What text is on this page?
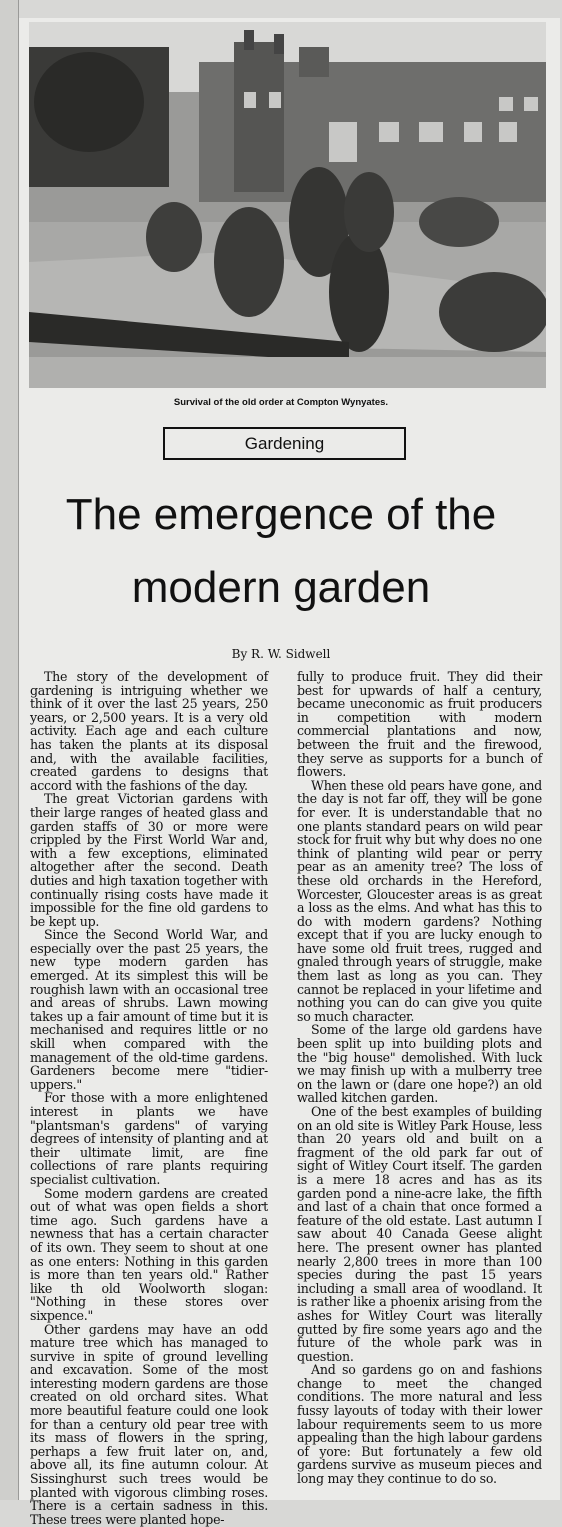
Survival of the old order at Compton Wynyates.
Gardening
The emergence of the
modern garden
By R. W. Sidwell

The story of the development of gardening is intriguing whether we think of it over the last 25 years, 250 years, or 2,500 years. It is a very old activity. Each age and each culture has taken the plants at its disposal and, with the available facilities, created gardens to designs that accord with the fashions of the day.

The great Victorian gardens with their large ranges of heated glass and garden staffs of 30 or more were crippled by the First World War and, with a few exceptions, eliminated altogether after the second. Death duties and high taxation together with continually rising costs have made it impossible for the fine old gardens to be kept up.

Since the Second World War, and especially over the past 25 years, the new type modern garden has emerged. At its simplest this will be roughish lawn with an occasional tree and areas of shrubs. Lawn mowing takes up a fair amount of time but it is mechanised and requires little or no skill when compared with the management of the old-time gardens. Gardeners become mere "tidier-uppers."

For those with a more enlightened interest in plants we have "plantsman's gardens" of varying degrees of intensity of planting and at their ultimate limit, are fine collections of rare plants requiring specialist cultivation.

Some modern gardens are created out of what was open fields a short time ago. Such gardens have a newness that has a certain character of its own. They seem to shout at one as one enters: Nothing in this garden is more than ten years old." Rather like th old Woolworth slogan: "Nothing in these stores over sixpence."

Other gardens may have an odd mature tree which has managed to survive in spite of ground levelling and excavation. Some of the most interesting modern gardens are those created on old orchard sites. What more beautiful feature could one look for than a century old pear tree with its mass of flowers in the spring, perhaps a few fruit later on, and, above all, its fine autumn colour. At Sissinghurst such trees would be planted with vigorous climbing roses. There is a certain sadness in this. These trees were planted hope-

fully to produce fruit. They did their best for upwards of half a century, became uneconomic as fruit producers in competition with modern commercial plantations and now, between the fruit and the firewood, they serve as supports for a bunch of flowers.

When these old pears have gone, and the day is not far off, they will be gone for ever. It is understandable that no one plants standard pears on wild pear stock for fruit why but why does no one think of planting wild pear or perry pear as an amenity tree? The loss of these old orchards in the Hereford, Worcester, Gloucester areas is as great a loss as the elms. And what has this to do with modern gardens? Nothing except that if you are lucky enough to have some old fruit trees, rugged and gnaled through years of struggle, make them last as long as you can. They cannot be replaced in your lifetime and nothing you can do can give you quite so much character.

Some of the large old gardens have been split up into building plots and the "big house" demolished. With luck we may finish up with a mulberry tree on the lawn or (dare one hope?) an old walled kitchen garden.

One of the best examples of building on an old site is Witley Park House, less than 20 years old and built on a fragment of the old park far out of sight of Witley Court itself. The garden is a mere 18 acres and has as its garden pond a nine-acre lake, the fifth and last of a chain that once formed a feature of the old estate. Last autumn I saw about 40 Canada Geese alight here. The present owner has planted nearly 2,800 trees in more than 100 species during the past 15 years including a small area of woodland. It is rather like a phoenix arising from the ashes for Witley Court was literally gutted by fire some years ago and the future of the whole park was in question.

And so gardens go on and fashions change to meet the changed conditions. The more natural and less fussy layouts of today with their lower labour requirements seem to us more appealing than the high labour gardens of yore: But fortunately a few old gardens survive as museum pieces and long may they continue to do so.
